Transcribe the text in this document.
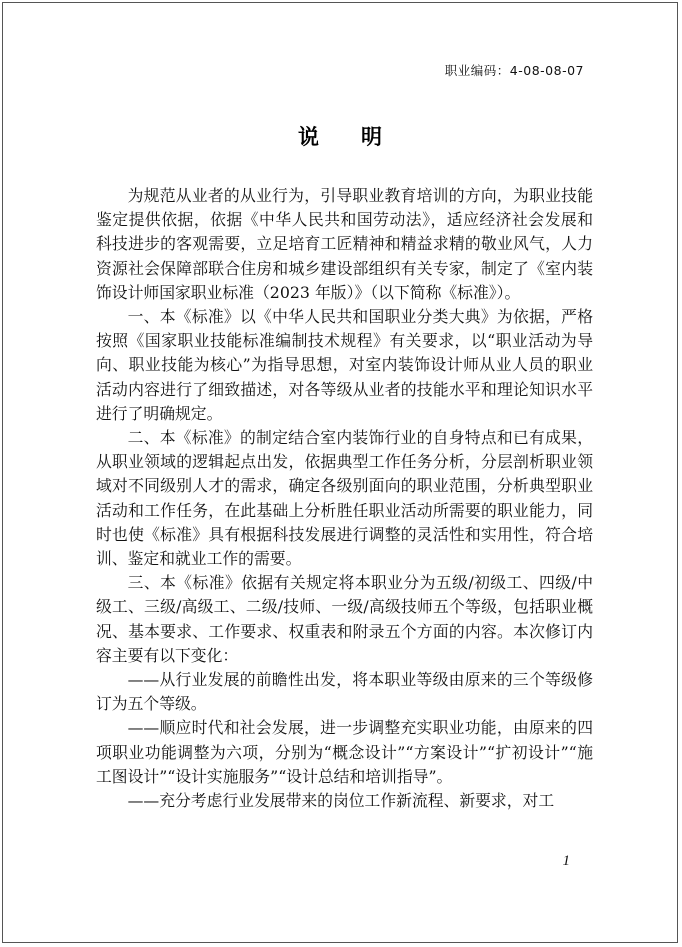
职业编码：4-08-08-07
说明

为规范从业者的从业行为，引导职业教育培训的方向，为职业技能鉴定提供依据，依据《中华人民共和国劳动法》，适应经济社会发展和科技进步的客观需要，立足培育工匠精神和精益求精的敬业风气，人力资源社会保障部联合住房和城乡建设部组织有关专家，制定了《室内装饰设计师国家职业标准（2023 年版）》（以下简称《标准》）。

一、本《标准》以《中华人民共和国职业分类大典》为依据，严格按照《国家职业技能标准编制技术规程》有关要求，以“职业活动为导向、职业技能为核心”为指导思想，对室内装饰设计师从业人员的职业活动内容进行了细致描述，对各等级从业者的技能水平和理论知识水平进行了明确规定。

二、本《标准》的制定结合室内装饰行业的自身特点和已有成果，从职业领域的逻辑起点出发，依据典型工作任务分析，分层剖析职业领域对不同级别人才的需求，确定各级别面向的职业范围，分析典型职业活动和工作任务，在此基础上分析胜任职业活动所需要的职业能力，同时也使《标准》具有根据科技发展进行调整的灵活性和实用性，符合培训、鉴定和就业工作的需要。

三、本《标准》依据有关规定将本职业分为五级/初级工、四级/中级工、三级/高级工、二级/技师、一级/高级技师五个等级，包括职业概况、基本要求、工作要求、权重表和附录五个方面的内容。本次修订内容主要有以下变化：

——从行业发展的前瞻性出发，将本职业等级由原来的三个等级修订为五个等级。

——顺应时代和社会发展，进一步调整充实职业功能，由原来的四项职业功能调整为六项，分别为“概念设计”“方案设计”“扩初设计”“施工图设计”“设计实施服务”“设计总结和培训指导”。

——充分考虑行业发展带来的岗位工作新流程、新要求，对工

1
